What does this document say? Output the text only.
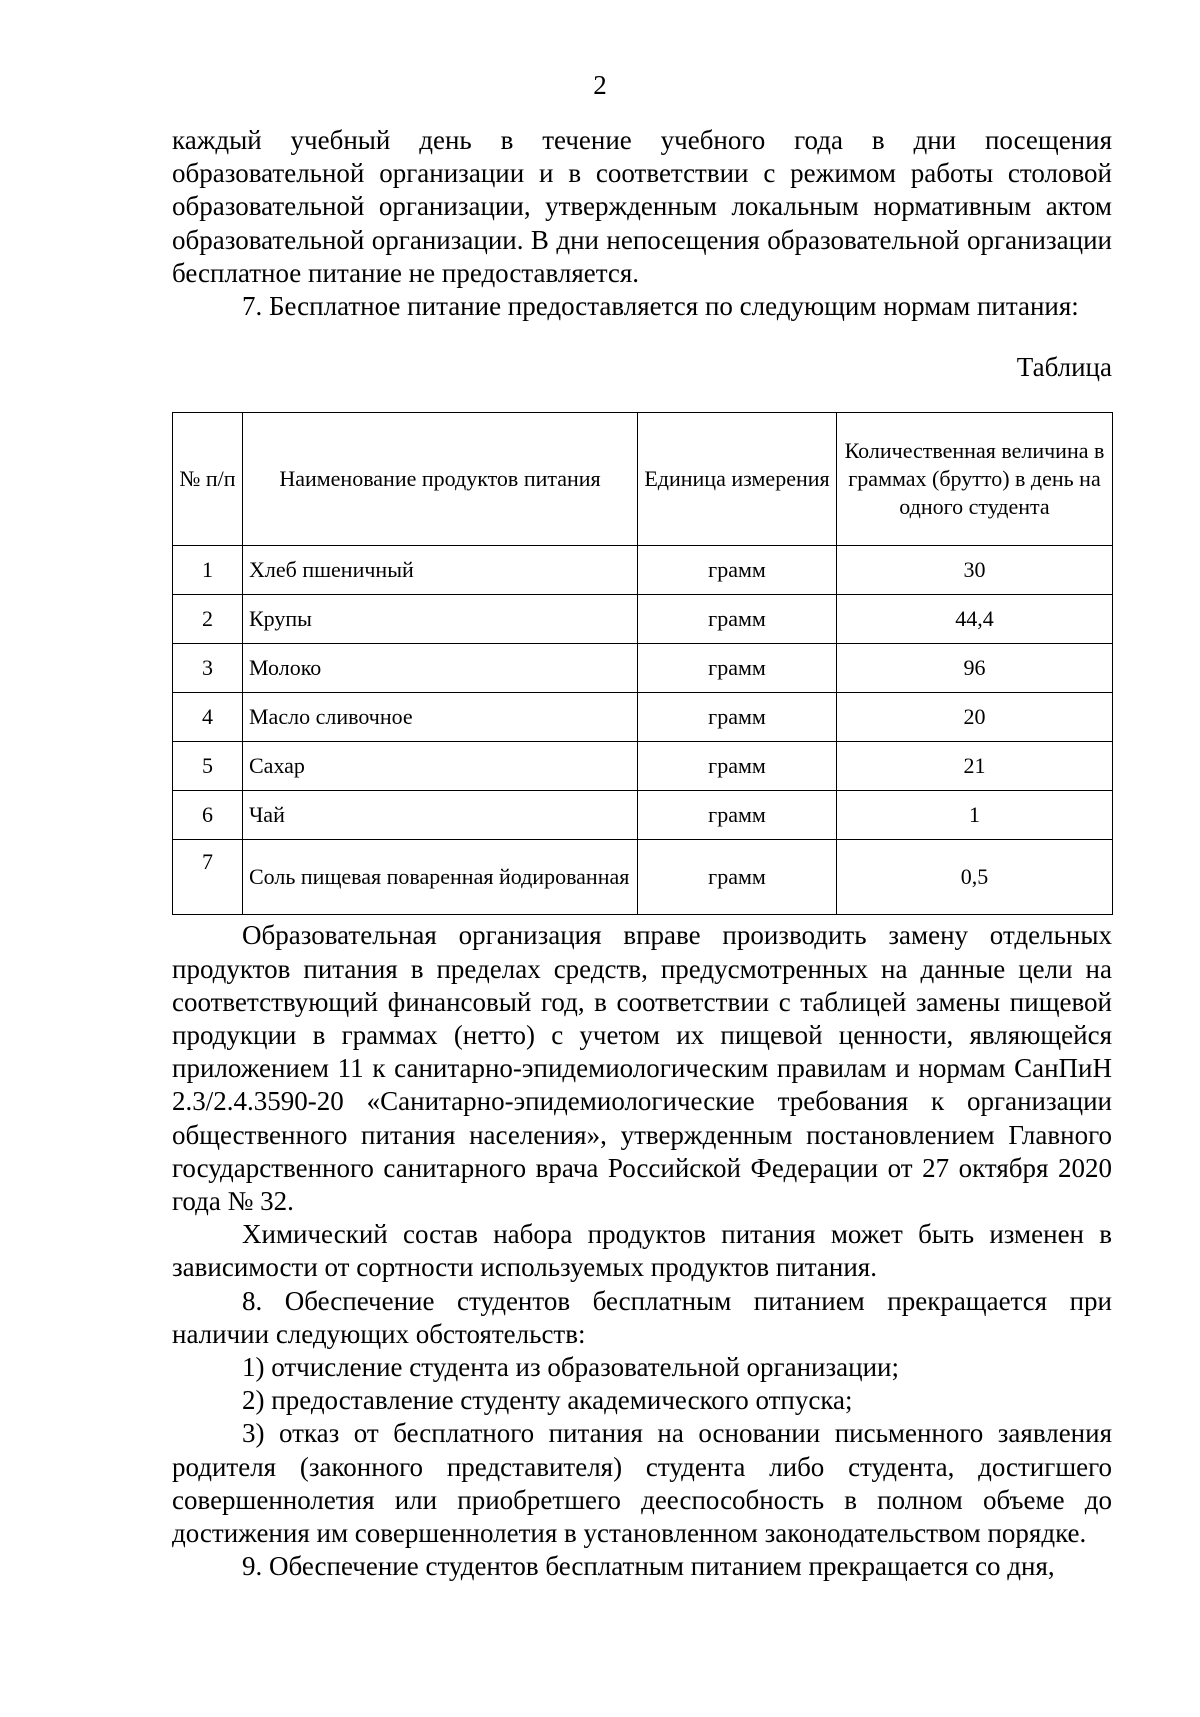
2

каждый учебный день в течение учебного года в дни посещения образовательной организации и в соответствии с режимом работы столовой образовательной организации, утвержденным локальным нормативным актом образовательной организации. В дни непосещения образовательной организации бесплатное питание не предоставляется.

7. Бесплатное питание предоставляется по следующим нормам питания:

Таблица

№ п/п	Наименование продуктов питания	Единица измерения	Количественная величина в граммах (брутто) в день на одного студента
1	Хлеб пшеничный	грамм	30
2	Крупы	грамм	44,4
3	Молоко	грамм	96
4	Масло сливочное	грамм	20
5	Сахар	грамм	21
6	Чай	грамм	1
7	Соль пищевая поваренная йодированная	грамм	0,5

Образовательная организация вправе производить замену отдельных продуктов питания в пределах средств, предусмотренных на данные цели на соответствующий финансовый год, в соответствии с таблицей замены пищевой продукции в граммах (нетто) с учетом их пищевой ценности, являющейся приложением 11 к санитарно-эпидемиологическим правилам и нормам СанПиН 2.3/2.4.3590-20 «Санитарно-эпидемиологические требования к организации общественного питания населения», утвержденным постановлением Главного государственного санитарного врача Российской Федерации от 27 октября 2020 года № 32.

Химический состав набора продуктов питания может быть изменен в зависимости от сортности используемых продуктов питания.

8. Обеспечение студентов бесплатным питанием прекращается при наличии следующих обстоятельств:

1) отчисление студента из образовательной организации;

2) предоставление студенту академического отпуска;

3) отказ от бесплатного питания на основании письменного заявления родителя (законного представителя) студента либо студента, достигшего совершеннолетия или приобретшего дееспособность в полном объеме до достижения им совершеннолетия в установленном законодательством порядке.

9. Обеспечение студентов бесплатным питанием прекращается со дня,
